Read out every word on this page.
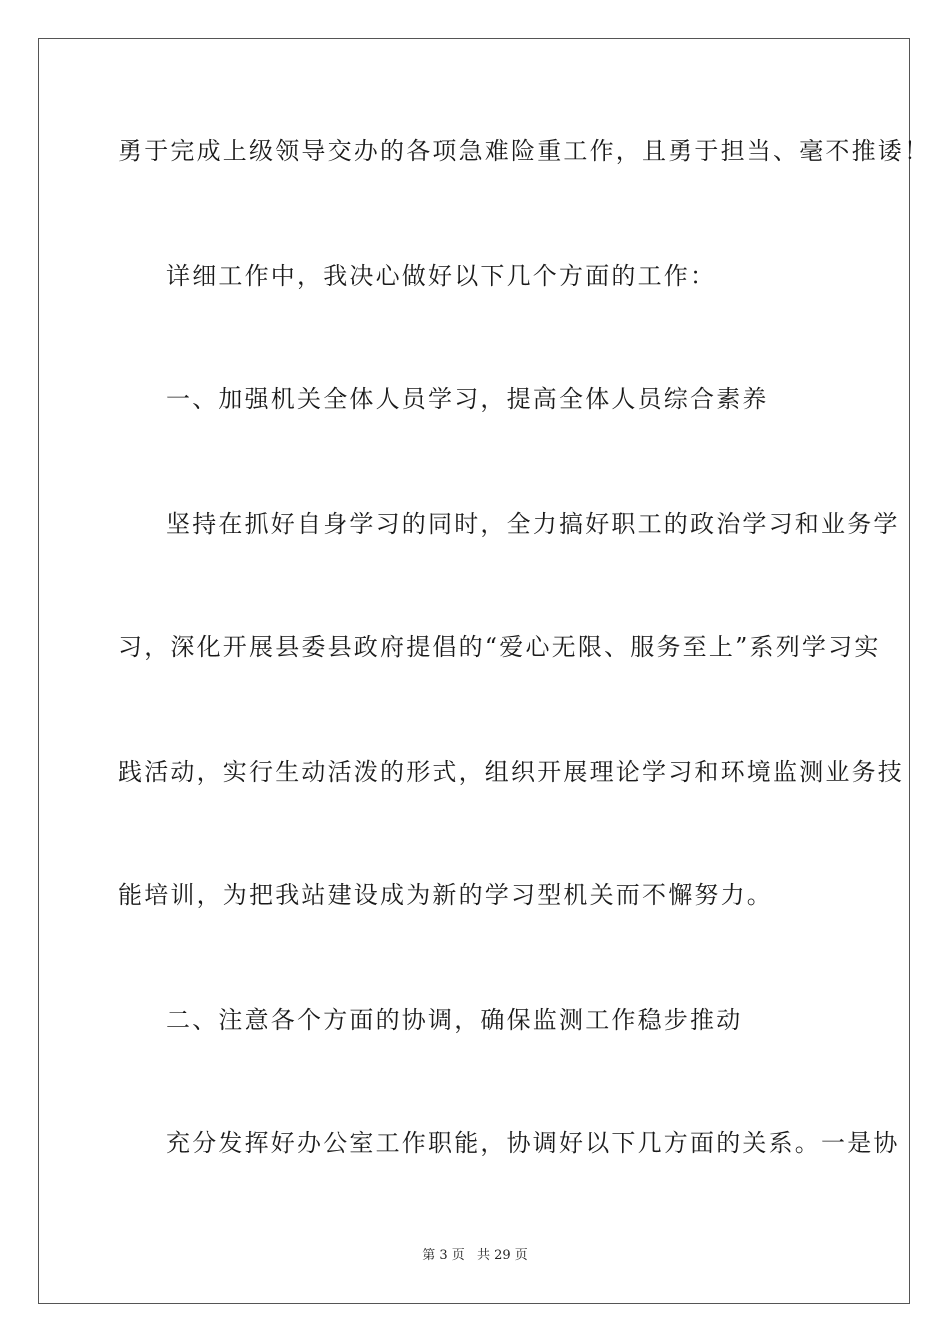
勇于完成上级领导交办的各项急难险重工作，且勇于担当、毫不推诿！
详细工作中，我决心做好以下几个方面的工作：
一、加强机关全体人员学习，提高全体人员综合素养
坚持在抓好自身学习的同时，全力搞好职工的政治学习和业务学
习，深化开展县委县政府提倡的“爱心无限、服务至上”系列学习实
践活动，实行生动活泼的形式，组织开展理论学习和环境监测业务技
能培训，为把我站建设成为新的学习型机关而不懈努力。
二、注意各个方面的协调，确保监测工作稳步推动
充分发挥好办公室工作职能，协调好以下几方面的关系。一是协
第 3 页 共 29 页
